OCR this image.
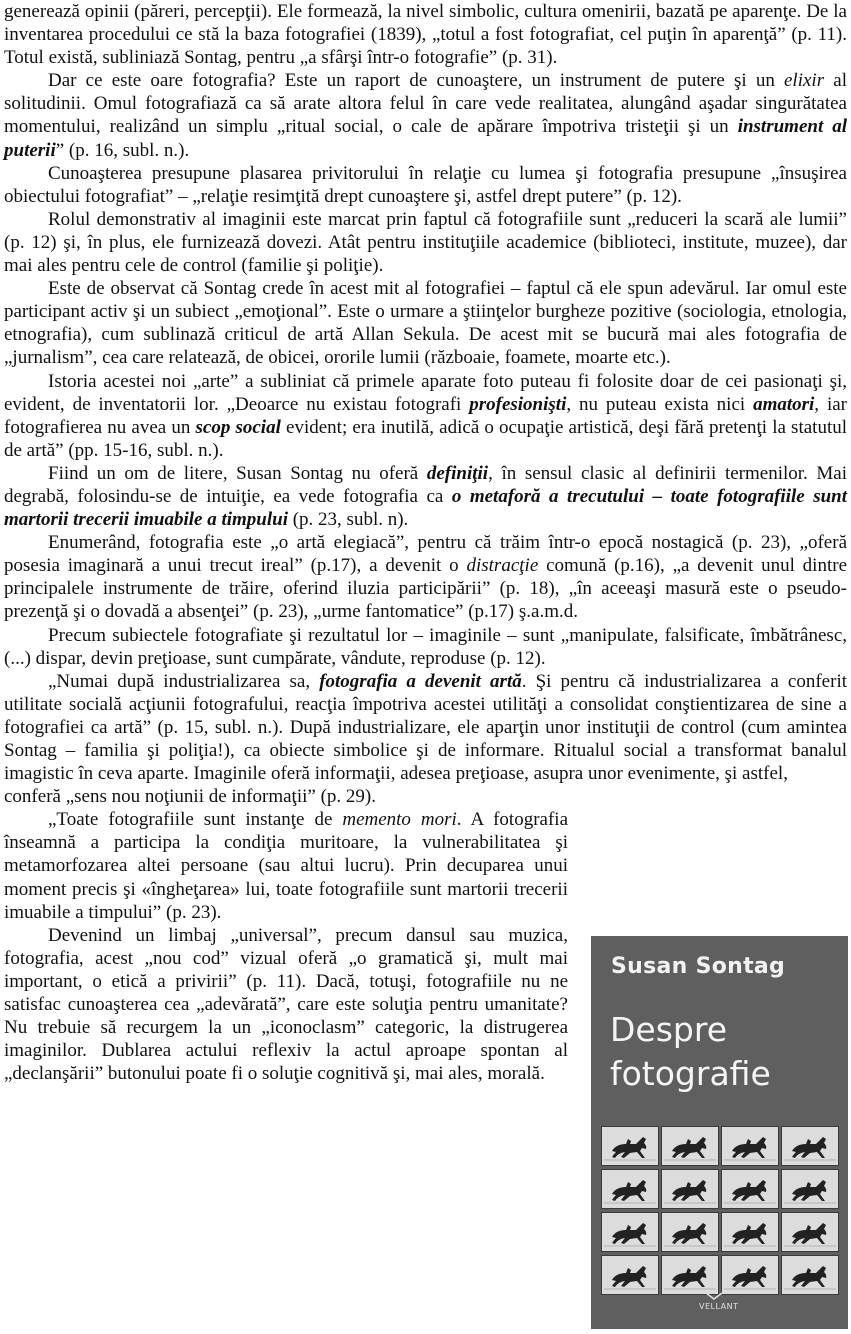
generează opinii (păreri, percepţii). Ele formează, la nivel simbolic, cultura omenirii, bazată pe aparenţe. De la inventarea procedului ce stă la baza fotografiei (1839), „totul a fost fotografiat, cel puţin în aparenţă” (p. 11). Totul există, subliniază Sontag, pentru „a sfârşi într-o fotografie” (p. 31).

Dar ce este oare fotografia? Este un raport de cunoaştere, un instrument de putere şi un elixir al solitudinii. Omul fotografiază ca să arate altora felul în care vede realitatea, alungând aşadar singurătatea momentului, realizând un simplu „ritual social, o cale de apărare împotriva tristeţii şi un instrument al puterii” (p. 16, subl. n.).

Cunoaşterea presupune plasarea privitorului în relaţie cu lumea şi fotografia presupune „însuşirea obiectului fotografiat” – „relaţie resimţită drept cunoaştere şi, astfel drept putere” (p. 12).

Rolul demonstrativ al imaginii este marcat prin faptul că fotografiile sunt „reduceri la scară ale lumii” (p. 12) şi, în plus, ele furnizează dovezi. Atât pentru instituţiile academice (biblioteci, institute, muzee), dar mai ales pentru cele de control (familie şi poliţie).

Este de observat că Sontag crede în acest mit al fotografiei – faptul că ele spun adevărul. Iar omul este participant activ şi un subiect „emoţional”. Este o urmare a ştiinţelor burgheze pozitive (sociologia, etnologia, etnografia), cum sublinază criticul de artă Allan Sekula. De acest mit se bucură mai ales fotografia de „jurnalism”, cea care relatează, de obicei, ororile lumii (războaie, foamete, moarte etc.).

Istoria acestei noi „arte” a subliniat că primele aparate foto puteau fi folosite doar de cei pasionaţi şi, evident, de inventatorii lor. „Deoarce nu existau fotografi profesionişti, nu puteau exista nici amatori, iar fotografierea nu avea un scop social evident; era inutilă, adică o ocupaţie artistică, deşi fără pretenţi la statutul de artă” (pp. 15-16, subl. n.).

Fiind un om de litere, Susan Sontag nu oferă definiţii, în sensul clasic al definirii termenilor. Mai degrabă, folosindu-se de intuiţie, ea vede fotografia ca o metaforă a trecutului – toate fotografiile sunt martorii trecerii imuabile a timpului (p. 23, subl. n).

Enumerând, fotografia este „o artă elegiacă”, pentru că trăim într-o epocă nostagică (p. 23), „oferă posesia imaginară a unui trecut ireal” (p.17), a devenit o distracţie comună (p.16), „a devenit unul dintre principalele instrumente de trăire, oferind iluzia participării” (p. 18), „în aceeaşi masură este o pseudo-prezenţă şi o dovadă a absenţei” (p. 23), „urme fantomatice” (p.17) ş.a.m.d.

Precum subiectele fotografiate şi rezultatul lor – imaginile – sunt „manipulate, falsificate, îmbătrânesc, (...) dispar, devin preţioase, sunt cumpărate, vândute, reproduse (p. 12).

„Numai după industrializarea sa, fotografia a devenit artă. Şi pentru că industrializarea a conferit utilitate socială acţiunii fotografului, reacţia împotriva acestei utilităţi a consolidat conştientizarea de sine a fotografiei ca artă” (p. 15, subl. n.). După industrializare, ele aparţin unor instituţii de control (cum amintea Sontag – familia şi poliţia!), ca obiecte simbolice şi de informare. Ritualul social a transformat banalul imagistic în ceva aparte. Imaginile oferă informaţii, adesea preţioase, asupra unor evenimente, şi astfel,

conferă „sens nou noţiunii de informaţii” (p. 29).

„Toate fotografiile sunt instanţe de memento mori. A fotografia înseamnă a participa la condiţia muritoare, la vulnerabilitatea şi metamorfozarea altei persoane (sau altui lucru). Prin decuparea unui moment precis şi «îngheţarea» lui, toate fotografiile sunt martorii trecerii imuabile a timpului” (p. 23).

Devenind un limbaj „universal”, precum dansul sau muzica, fotografia, acest „nou cod” vizual oferă „o gramatică şi, mult mai important, o etică a privirii” (p. 11). Dacă, totuşi, fotografiile nu ne satisfac cunoaşterea cea „adevărată”, care este soluţia pentru umanitate? Nu trebuie să recurgem la un „iconoclasm” categoric, la distrugerea imaginilor. Dublarea actului reflexiv la actul aproape spontan al „declanşării” butonului poate fi o soluţie cognitivă şi, mai ales, morală.

Susan Sontag
Despre
fotografie
VELLANT
